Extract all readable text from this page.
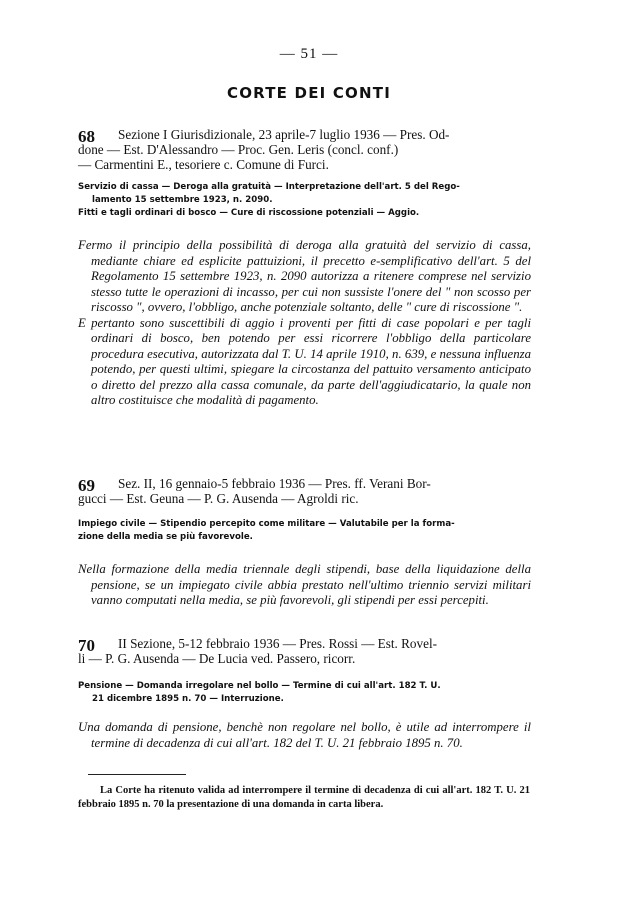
— 51 —
CORTE DEI CONTI
68 Sezione I Giurisdizionale, 23 aprile-7 luglio 1936 — Pres. Od-
done — Est. D'Alessandro — Proc. Gen. Leris (concl. conf.)
— Carmentini E., tesoriere c. Comune di Furci.

Servizio di cassa — Deroga alla gratuità — Interpretazione dell'art. 5 del Rego-

lamento 15 settembre 1923, n. 2090.

Fitti e tagli ordinari di bosco — Cure di riscossione potenziali — Aggio.

Fermo il principio della possibilità di deroga alla gratuità del servizio di cassa, mediante chiare ed esplicite pattuizioni, il precetto e-semplificativo dell'art. 5 del Regolamento 15 settembre 1923, n. 2090 autorizza a ritenere comprese nel servizio stesso tutte le operazioni di incasso, per cui non sussiste l'onere del " non scosso per riscosso ", ovvero, l'obbligo, anche potenziale soltanto, delle " cure di riscossione ".

E pertanto sono suscettibili di aggio i proventi per fitti di case popolari e per tagli ordinari di bosco, ben potendo per essi ricorrere l'obbligo della particolare procedura esecutiva, autorizzata dal T. U. 14 aprile 1910, n. 639, e nessuna influenza potendo, per questi ultimi, spiegare la circostanza del pattuito versamento anticipato o diretto del prezzo alla cassa comunale, da parte dell'aggiudicatario, la quale non altro costituisce che modalità di pagamento.

69 Sez. II, 16 gennaio-5 febbraio 1936 — Pres. ff. Verani Bor-
gucci — Est. Geuna — P. G. Ausenda — Agroldi ric.

Impiego civile — Stipendio percepito come militare — Valutabile per la forma-

zione della media se più favorevole.

Nella formazione della media triennale degli stipendi, base della liquidazione della pensione, se un impiegato civile abbia prestato nell'ultimo triennio servizi militari vanno computati nella media, se più favorevoli, gli stipendi per essi percepiti.

70 II Sezione, 5-12 febbraio 1936 — Pres. Rossi — Est. Rovel-
li — P. G. Ausenda — De Lucia ved. Passero, ricorr.

Pensione — Domanda irregolare nel bollo — Termine di cui all'art. 182 T. U.

21 dicembre 1895 n. 70 — Interruzione.

Una domanda di pensione, benchè non regolare nel bollo, è utile ad interrompere il termine di decadenza di cui all'art. 182 del T. U. 21 febbraio 1895 n. 70.

La Corte ha ritenuto valida ad interrompere il termine di decadenza di cui all'art. 182 T. U. 21 febbraio 1895 n. 70 la presentazione di una domanda in carta libera.
